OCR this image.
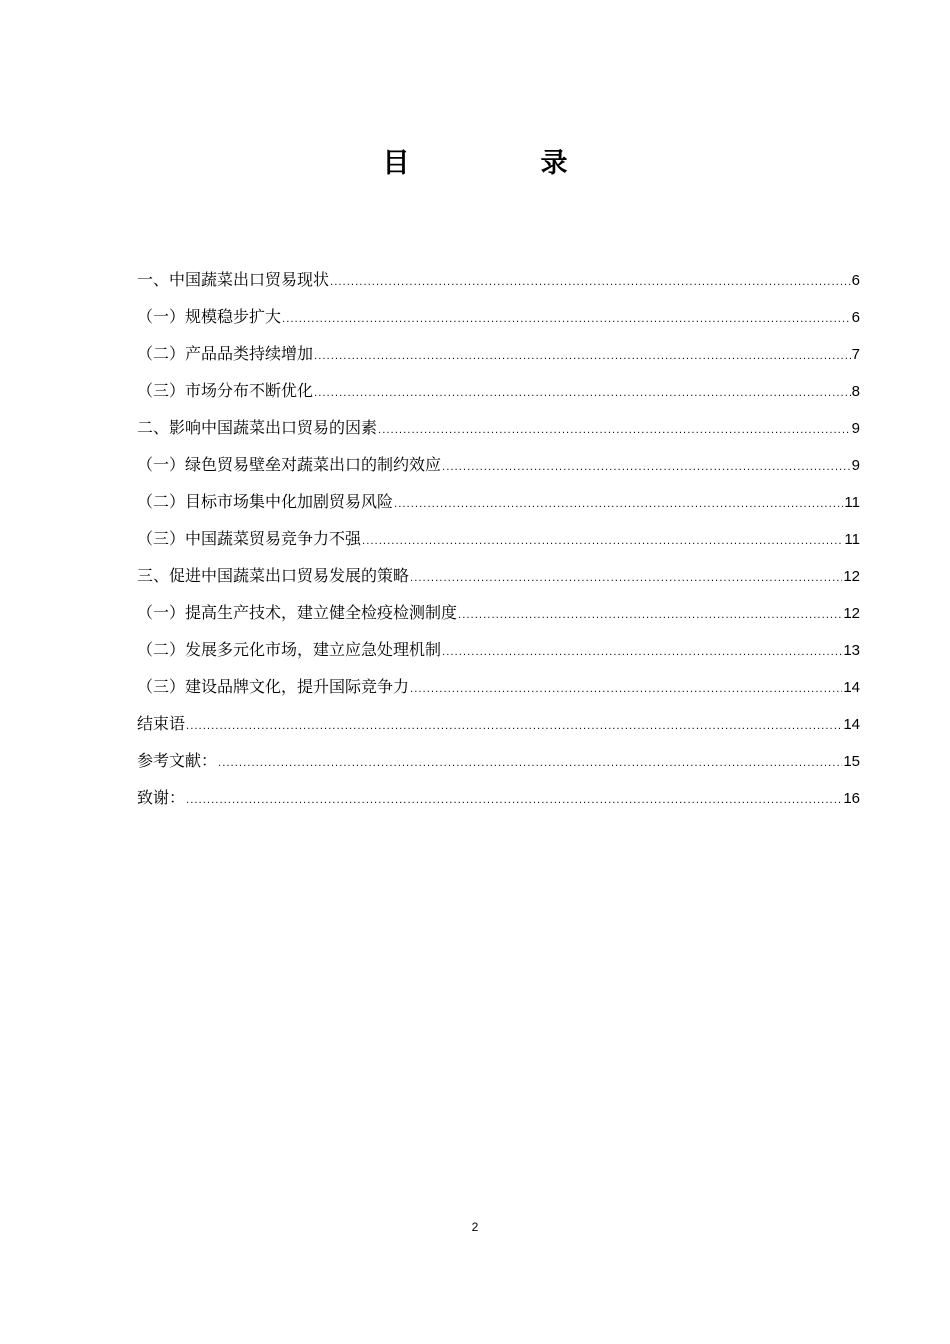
目　录
一、中国蔬菜出口贸易现状 .....	6
（一）规模稳步扩大 .....	6
（二）产品品类持续增加 .....	7
（三）市场分布不断优化 .....	8
二、影响中国蔬菜出口贸易的因素 .....	9
（一）绿色贸易壁垒对蔬菜出口的制约效应 .....	9
（二）目标市场集中化加剧贸易风险 .....	11
（三）中国蔬菜贸易竞争力不强 .....	11
三、促进中国蔬菜出口贸易发展的策略 .....	12
（一）提高生产技术，建立健全检疫检测制度 .....	12
（二）发展多元化市场，建立应急处理机制 .....	13
（三）建设品牌文化，提升国际竞争力 .....	14
结束语 .....	14
参考文献： .....	15
致谢： .....	16
2
